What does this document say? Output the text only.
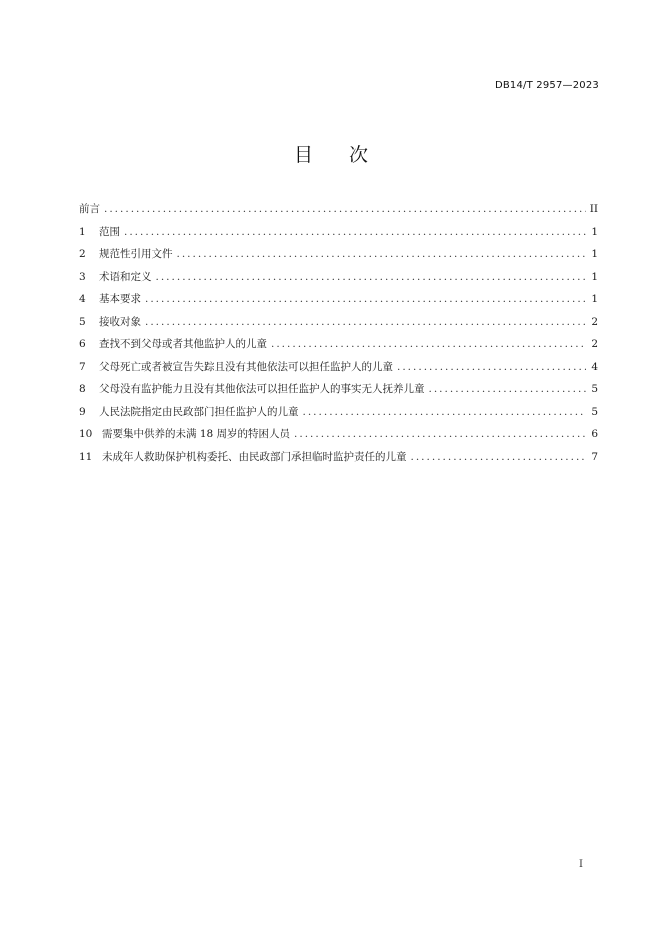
DB14/T 2957—2023
目次
前言 .....	II
1	范围 .....	1
2	规范性引用文件 .....	1
3	术语和定义 .....	1
4	基本要求 .....	1
5	接收对象 .....	2
6	查找不到父母或者其他监护人的儿童 .....	2
7	父母死亡或者被宣告失踪且没有其他依法可以担任监护人的儿童 .....	4
8	父母没有监护能力且没有其他依法可以担任监护人的事实无人抚养儿童 .....	5
9	人民法院指定由民政部门担任监护人的儿童 .....	5
10 需要集中供养的未满 18 周岁的特困人员 .....	6
11 未成年人救助保护机构委托、由民政部门承担临时监护责任的儿童 .....	7
I
